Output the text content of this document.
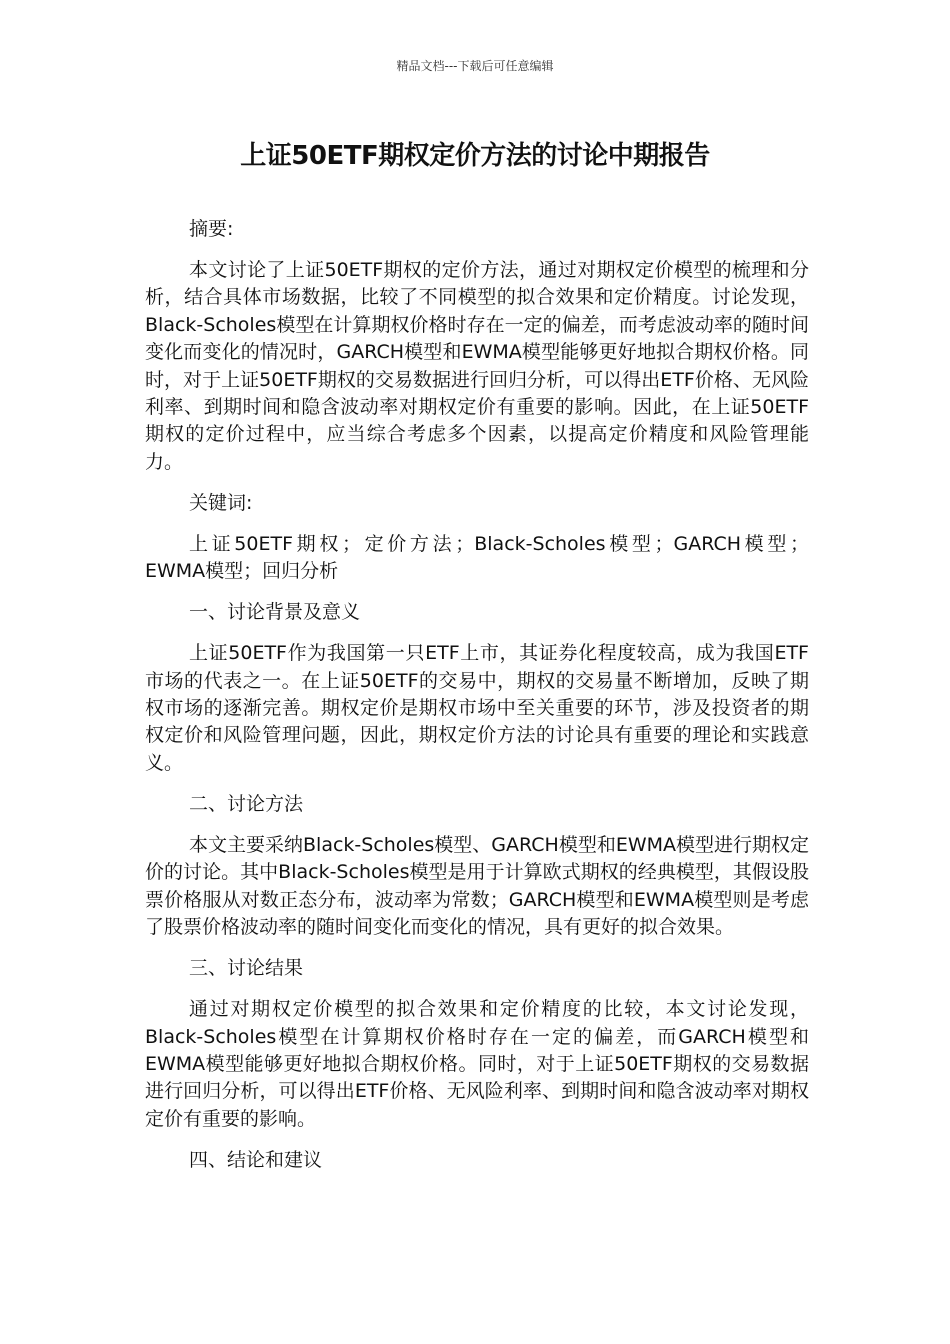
精品文档---下载后可任意编辑
上证50ETF期权定价方法的讨论中期报告

摘要:

本文讨论了上证50ETF期权的定价方法，通过对期权定价模型的梳理和分析，结合具体市场数据，比较了不同模型的拟合效果和定价精度。讨论发现，Black-Scholes模型在计算期权价格时存在一定的偏差，而考虑波动率的随时间变化而变化的情况时，GARCH模型和EWMA模型能够更好地拟合期权价格。同时，对于上证50ETF期权的交易数据进行回归分析，可以得出ETF价格、无风险利率、到期时间和隐含波动率对期权定价有重要的影响。因此，在上证50ETF期权的定价过程中，应当综合考虑多个因素，以提高定价精度和风险管理能力。

关键词:

上证50ETF期权；定价方法；Black-Scholes模型；GARCH模型；EWMA模型；回归分析

一、讨论背景及意义

上证50ETF作为我国第一只ETF上市，其证券化程度较高，成为我国ETF市场的代表之一。在上证50ETF的交易中，期权的交易量不断增加，反映了期权市场的逐渐完善。期权定价是期权市场中至关重要的环节，涉及投资者的期权定价和风险管理问题，因此，期权定价方法的讨论具有重要的理论和实践意义。

二、讨论方法

本文主要采纳Black-Scholes模型、GARCH模型和EWMA模型进行期权定价的讨论。其中Black-Scholes模型是用于计算欧式期权的经典模型，其假设股票价格服从对数正态分布，波动率为常数；GARCH模型和EWMA模型则是考虑了股票价格波动率的随时间变化而变化的情况，具有更好的拟合效果。

三、讨论结果

通过对期权定价模型的拟合效果和定价精度的比较，本文讨论发现，Black-Scholes模型在计算期权价格时存在一定的偏差，而GARCH模型和EWMA模型能够更好地拟合期权价格。同时，对于上证50ETF期权的交易数据进行回归分析，可以得出ETF价格、无风险利率、到期时间和隐含波动率对期权定价有重要的影响。

四、结论和建议
